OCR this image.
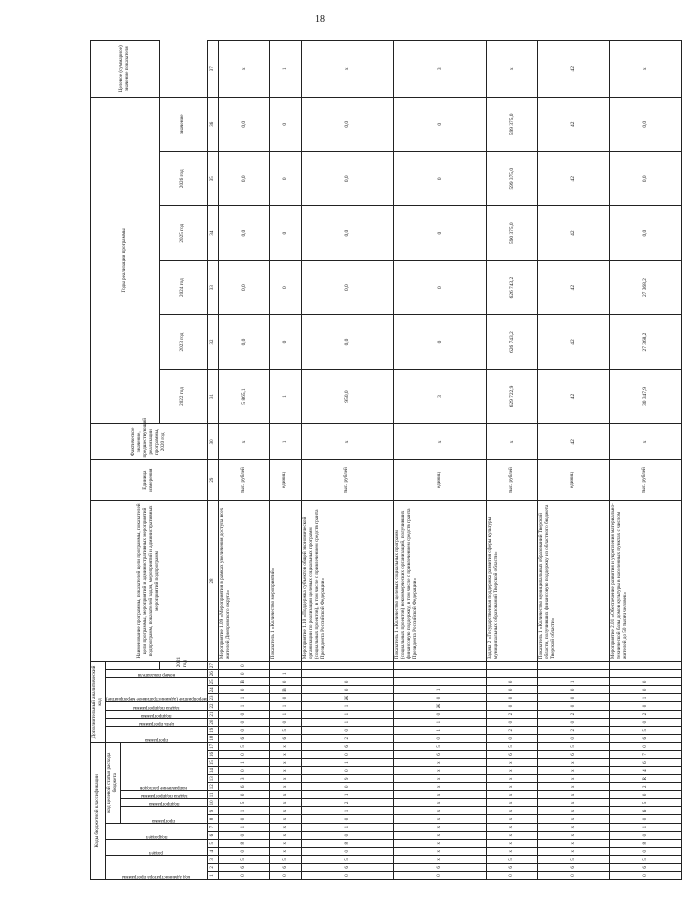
18
Коды бюджетной классификации																	Дополнительный аналитический код										Наименование программы, показателей цели программы, показателей цели программы, мероприятий и административных мероприятий подпрограмм, показателей задач, мероприятий и административных мероприятий подпрограмм	Единица измерения	Фактическое значение, предшествующий реализации программы, 2020 год	Годы реализации программы						Целевое (суммарное) значение показателя

код администратора программы			раздел		подраздел		код целевой статьи расхода бюджета										программа		цель программы	подпрограмма	задача подпрограммы	мероприятие (административное мероприятие)			номер показателя											

							программа		подпрограмма	задача подпрограммы	направление расходов																									

																										2021 год				2022 год	2023 год	2024 год	2025 год	2026 год	значение	
1	2	3	4	5	6	7	8	9	10	11	12	13	14	15	16	17	18	19	20	21	22	23	24	25	26	27	28	29	30	31	32	33	34	35	36	37
0	6	5	0	8	0	1	0	1	5	0	6	3	0	1	0	5	6	0	0	0	1	1	0	В	0	0	Мероприятие 1.09 «Мероприятия в рамках увеличения доступа всех жителей Днепровского округа»	тыс. рублей	х	5 865,1	0,0	0,0	0,0	0,0	0,0	х
0	6	5	х	х	х	х	х	х	х	х	х	х	х	х	х	х	6	5	0	1	1	0	В	0	1		Показатель 1 «Количество мероприятий»	единиц	1	1	0	0	0	0	0	1
0	6	5	0	8	0	1	0	1	2	1	0	9	0	1	0	6	2	0	1	1	1	Ж	0	0			Мероприятие 1.10 «Поддержка субъектов общей экономической организации по реализации целевых социальных программ (социальных проектов), в том числе с привлечением средств гранта Президента Российской Федерации»	тыс. рублей	х	950,0	0,0	0,0	0,0	0,0	0,0	х
0	6	х	х	х	х	х	х	х	х	х	х	х	х	х	6	5	0	1	1	0	Ж	0	1				Показатель 1 «Количество целевых социальных программ (социальных проектов) некоммерческих организаций, получивших финансовую поддержку, в том числе с привлечением средств гранта Президента Российской Федерации»	единиц	х	3	0	0	0	0	0	3
0	6	5	х	х	х	х	х	х	х	х	х	х	х	х	6	5	0	2	0	2	0	0	0	0			Задача 2 «Государственная поддержка развития сферы культуры муниципальных образований Тверской области»	тыс. рублей	х	629 722,9	626 743,2	626 743,2	590 375,0	599 375,0	599 375,0	х
0	6	5	х	х	х	х	х	х	х	х	х	х	х	х	6	5	0	2	0	2	0	0	0	1			Показатель 1 «Количество муниципальных образований Тверской области, получивших финансовую поддержку из областного бюджета Тверской области»	единиц	42	42	42	42	42	42	42	42
0	6	5	0	8	0	1	0	6	5	0	2	R	4	6	7	0	6	5	0	2	0	1	0	0			Мероприятие 2.01 «Обеспечение развития и укрепления материально-технической базы домов культуры в населенных пунктах с числом жителей до 50 тысяч человек»	тыс. рублей	х	30 347,9	27 368,2	27 368,2	0,0	0,0	0,0	х
